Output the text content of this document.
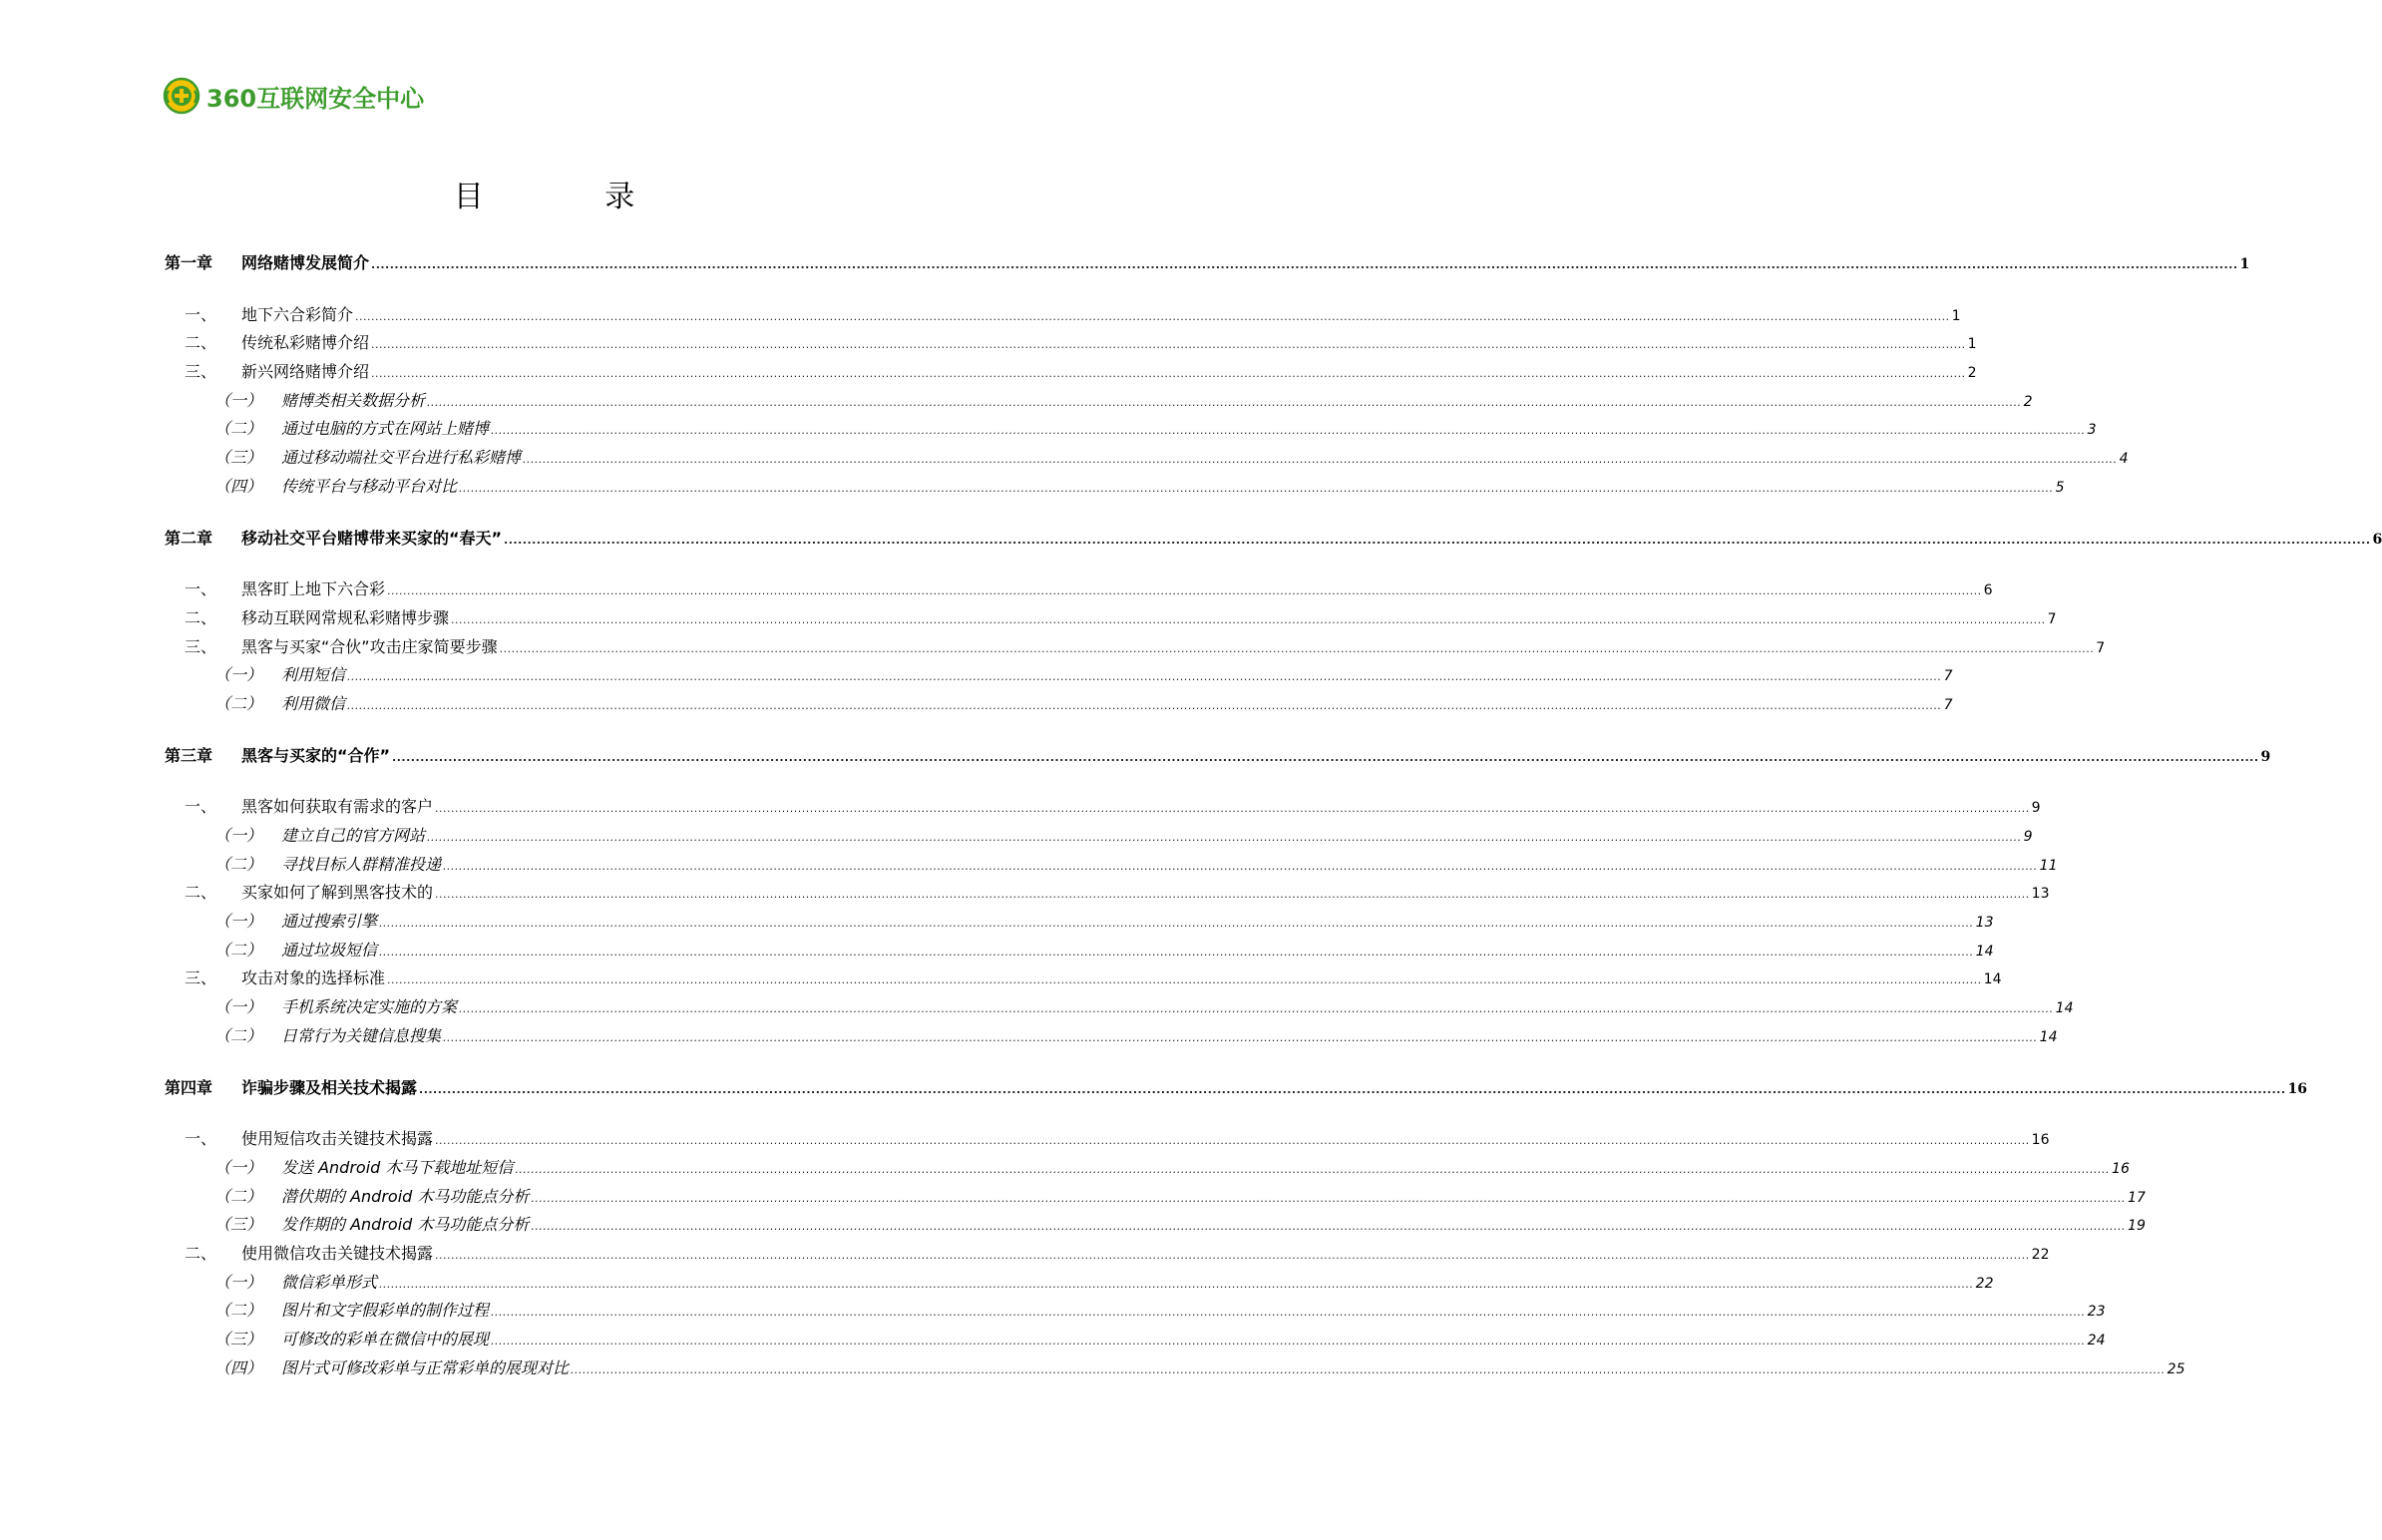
360互联网安全中心
目 录
第一章	网络赌博发展简介 ................................................................................................................................................................................................................................................................................................................................................................................................................ 1
一、	地下六合彩简介 ................................................................................................................................................................................................................................................................................................................................................................................................................ 1
二、	传统私彩赌博介绍 ................................................................................................................................................................................................................................................................................................................................................................................................................ 1
三、	新兴网络赌博介绍 ................................................................................................................................................................................................................................................................................................................................................................................................................ 2
（一）	赌博类相关数据分析 ................................................................................................................................................................................................................................................................................................................................................................................................................ 2
（二）	通过电脑的方式在网站上赌博 ................................................................................................................................................................................................................................................................................................................................................................................................................ 3
（三）	通过移动端社交平台进行私彩赌博 ................................................................................................................................................................................................................................................................................................................................................................................................................ 4
（四）	传统平台与移动平台对比 ................................................................................................................................................................................................................................................................................................................................................................................................................ 5
第二章	移动社交平台赌博带来买家的“春天” ................................................................................................................................................................................................................................................................................................................................................................................................................ 6
一、	黑客盯上地下六合彩 ................................................................................................................................................................................................................................................................................................................................................................................................................ 6
二、	移动互联网常规私彩赌博步骤 ................................................................................................................................................................................................................................................................................................................................................................................................................ 7
三、	黑客与买家“合伙”攻击庄家简要步骤 ................................................................................................................................................................................................................................................................................................................................................................................................................ 7
（一）	利用短信 ................................................................................................................................................................................................................................................................................................................................................................................................................ 7
（二）	利用微信 ................................................................................................................................................................................................................................................................................................................................................................................................................ 7
第三章	黑客与买家的“合作” ................................................................................................................................................................................................................................................................................................................................................................................................................ 9
一、	黑客如何获取有需求的客户 ................................................................................................................................................................................................................................................................................................................................................................................................................ 9
（一）	建立自己的官方网站 ................................................................................................................................................................................................................................................................................................................................................................................................................ 9
（二）	寻找目标人群精准投递 ................................................................................................................................................................................................................................................................................................................................................................................................................ 11
二、	买家如何了解到黑客技术的 ................................................................................................................................................................................................................................................................................................................................................................................................................ 13
（一）	通过搜索引擎 ................................................................................................................................................................................................................................................................................................................................................................................................................ 13
（二）	通过垃圾短信 ................................................................................................................................................................................................................................................................................................................................................................................................................ 14
三、	攻击对象的选择标准 ................................................................................................................................................................................................................................................................................................................................................................................................................ 14
（一）	手机系统决定实施的方案 ................................................................................................................................................................................................................................................................................................................................................................................................................ 14
（二）	日常行为关键信息搜集 ................................................................................................................................................................................................................................................................................................................................................................................................................ 14
第四章	诈骗步骤及相关技术揭露 ................................................................................................................................................................................................................................................................................................................................................................................................................ 16
一、	使用短信攻击关键技术揭露 ................................................................................................................................................................................................................................................................................................................................................................................................................ 16
（一）	发送 Android 木马下载地址短信 ................................................................................................................................................................................................................................................................................................................................................................................................................ 16
（二）	潜伏期的 Android 木马功能点分析 ................................................................................................................................................................................................................................................................................................................................................................................................................ 17
（三）	发作期的 Android 木马功能点分析 ................................................................................................................................................................................................................................................................................................................................................................................................................ 19
二、	使用微信攻击关键技术揭露 ................................................................................................................................................................................................................................................................................................................................................................................................................ 22
（一）	微信彩单形式 ................................................................................................................................................................................................................................................................................................................................................................................................................ 22
（二）	图片和文字假彩单的制作过程 ................................................................................................................................................................................................................................................................................................................................................................................................................ 23
（三）	可修改的彩单在微信中的展现 ................................................................................................................................................................................................................................................................................................................................................................................................................ 24
（四）	图片式可修改彩单与正常彩单的展现对比 ................................................................................................................................................................................................................................................................................................................................................................................................................ 25
